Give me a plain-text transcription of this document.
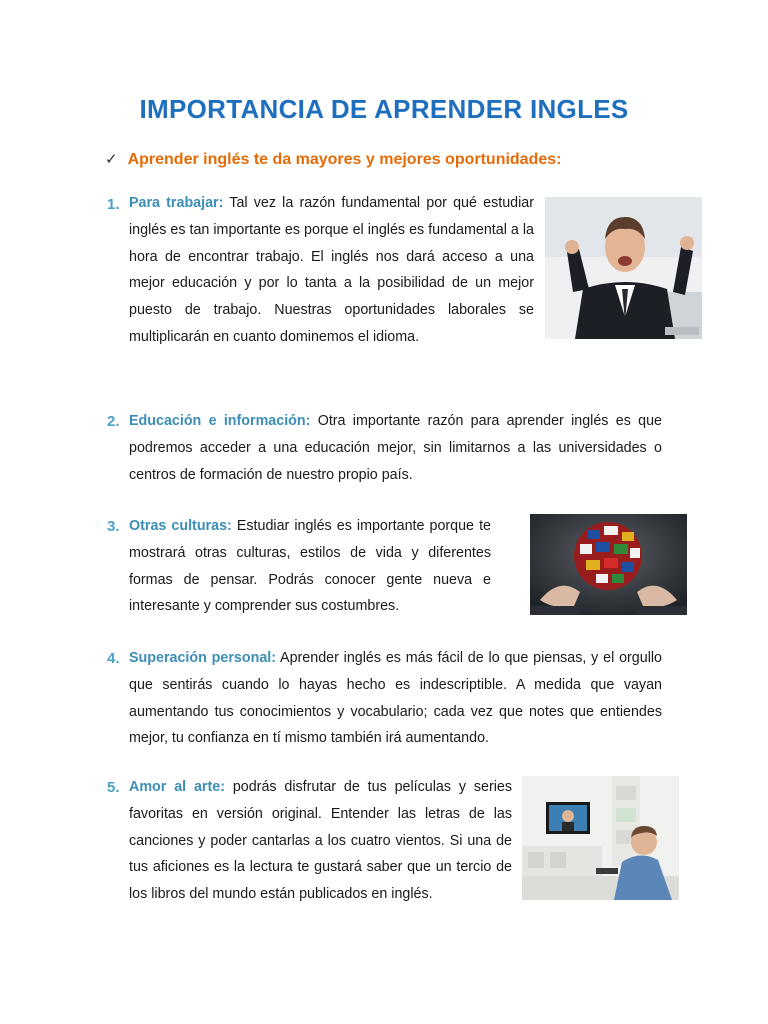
IMPORTANCIA DE APRENDER INGLES

✓ Aprender inglés te da mayores y mejores oportunidades:

1. Para trabajar: Tal vez la razón fundamental por qué estudiar inglés es tan importante es porque el inglés es fundamental a la hora de encontrar trabajo. El inglés nos dará acceso a una mejor educación y por lo tanta a la posibilidad de un mejor puesto de trabajo. Nuestras oportunidades laborales se multiplicarán en cuanto dominemos el idioma.

2. Educación e información: Otra importante razón para aprender inglés es que podremos acceder a una educación mejor, sin limitarnos a las universidades o centros de formación de nuestro propio país.

3. Otras culturas: Estudiar inglés es importante porque te mostrará otras culturas, estilos de vida y diferentes formas de pensar. Podrás conocer gente nueva e interesante y comprender sus costumbres.

4. Superación personal: Aprender inglés es más fácil de lo que piensas, y el orgullo que sentirás cuando lo hayas hecho es indescriptible. A medida que vayan aumentando tus conocimientos y vocabulario; cada vez que notes que entiendes mejor, tu confianza en tí mismo también irá aumentando.

5. Amor al arte: podrás disfrutar de tus películas y series favoritas en versión original. Entender las letras de las canciones y poder cantarlas a los cuatro vientos. Si una de tus aficiones es la lectura te gustará saber que un tercio de los libros del mundo están publicados en inglés.
